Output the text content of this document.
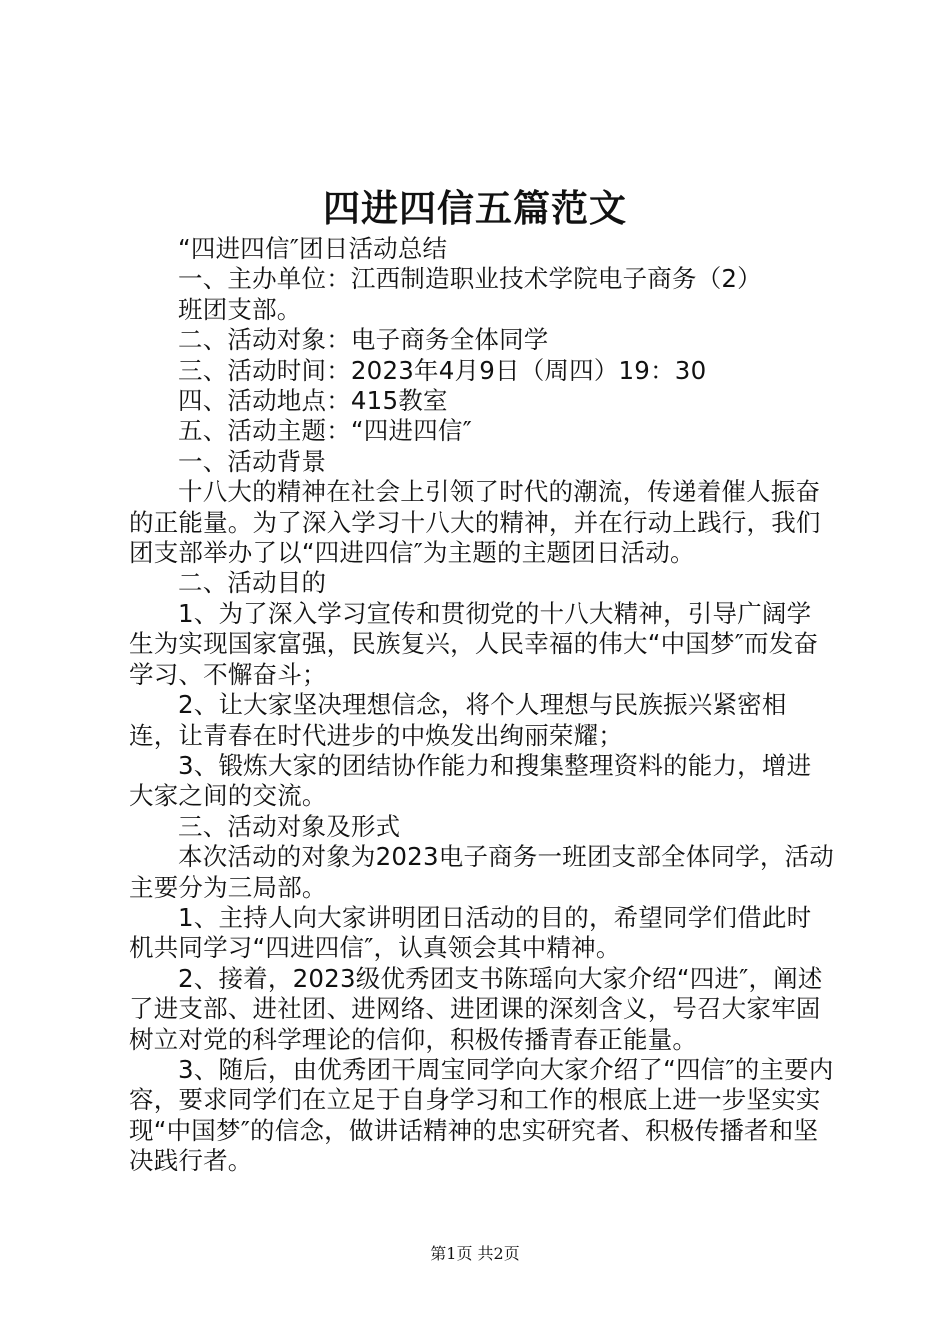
四进四信五篇范文

“四进四信″团日活动总结

一、主办单位：江西制造职业技术学院电子商务（2）

班团支部。

二、活动对象：电子商务全体同学

三、活动时间：2023年4月9日（周四）19：30

四、活动地点：415教室

五、活动主题：“四进四信″

一、活动背景

十八大的精神在社会上引领了时代的潮流，传递着催人振奋的正能量。为了深入学习十八大的精神，并在行动上践行，我们团支部举办了以“四进四信″为主题的主题团日活动。

二、活动目的

1、为了深入学习宣传和贯彻党的十八大精神，引导广阔学生为实现国家富强，民族复兴，人民幸福的伟大“中国梦″而发奋学习、不懈奋斗；

2、让大家坚决理想信念，将个人理想与民族振兴紧密相连，让青春在时代进步的中焕发出绚丽荣耀；

3、锻炼大家的团结协作能力和搜集整理资料的能力，增进大家之间的交流。

三、活动对象及形式

本次活动的对象为2023电子商务一班团支部全体同学，活动主要分为三局部。

1、主持人向大家讲明团日活动的目的，希望同学们借此时机共同学习“四进四信″，认真领会其中精神。

2、接着，2023级优秀团支书陈瑶向大家介绍“四进″，阐述了进支部、进社团、进网络、进团课的深刻含义，号召大家牢固树立对党的科学理论的信仰，积极传播青春正能量。

3、随后，由优秀团干周宝同学向大家介绍了“四信″的主要内容，要求同学们在立足于自身学习和工作的根底上进一步坚实实现“中国梦″的信念，做讲话精神的忠实研究者、积极传播者和坚决践行者。

第1页 共2页
